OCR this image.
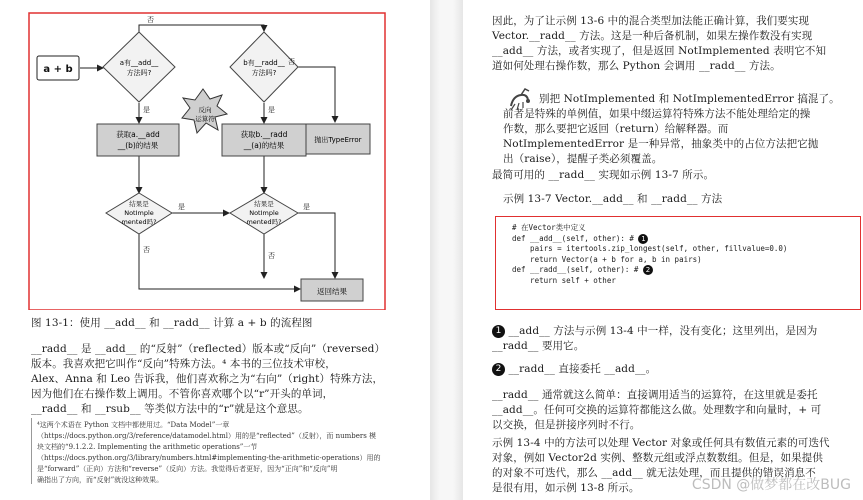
a + b
a有__add__
方法吗?
b有__radd__
方法吗?
获取a.__add
__(b)的结果
获取b.__radd
__(a)的结果
抛出TypeError
反向
运算符
结果是
NotImple
mented吗?
结果是
NotImple
mented吗?
返回结果
否
否
否
否
是	是
是	是
图 13-1：使用 __add__ 和 __radd__ 计算 a + b 的流程图
__radd__ 是 __add__ 的“反射”（reflected）版本或“反向”（reversed）
版本。我喜欢把它叫作“反向”特殊方法。⁴ 本书的三位技术审校，
Alex、Anna 和 Leo 告诉我，他们喜欢称之为“右向”（right）特殊方法，
因为他们在右操作数上调用。不管你喜欢哪个以“r”开头的单词，
__radd__ 和 __rsub__ 等类似方法中的“r”就是这个意思。
⁴这两个术语在 Python 文档中都使用过。“Data Model”一章
（https://docs.python.org/3/reference/datamodel.html）用的是“reflected”（反射），而 numbers 模
块文档的“9.1.2.2. Implementing the arithmetic operations”一节
（https://docs.python.org/3/library/numbers.html#implementing-the-arithmetic-operations）用的
是“forward”（正向）方法和“reverse”（反向）方法。我觉得后者更好，因为“正向”和“反向”明
确指出了方向，而“反射”就没这种效果。
因此，为了让示例 13-6 中的混合类型加法能正确计算，我们要实现
Vector.__radd__ 方法。这是一种后备机制，如果左操作数没有实现
__add__ 方法，或者实现了，但是返回 NotImplemented 表明它不知
道如何处理右操作数，那么 Python 会调用 __radd__ 方法。
别把 NotImplemented 和 NotImplementedError 搞混了。
前者是特殊的单例值，如果中缀运算符特殊方法不能处理给定的操
作数，那么要把它返回（return）给解释器。而
NotImplementedError 是一种异常，抽象类中的占位方法把它抛
出（raise），提醒子类必须覆盖。
最简可用的 __radd__ 实现如示例 13-7 所示。
示例 13-7 Vector.__add__ 和 __radd__ 方法
# 在Vector类中定义
def __add__(self, other): # 1
pairs = itertools.zip_longest(self, other, fillvalue=0.0)
return Vector(a + b for a, b in pairs)
def __radd__(self, other): # 2
return self + other
1 __add__ 方法与示例 13-4 中一样，没有变化；这里列出，是因为
__radd__ 要用它。
2 __radd__ 直接委托 __add__。
__radd__ 通常就这么简单：直接调用适当的运算符，在这里就是委托
__add__。任何可交换的运算符都能这么做。处理数字和向量时，+ 可
以交换，但是拼接序列时不行。
示例 13-4 中的方法可以处理 Vector 对象或任何具有数值元素的可迭代
对象，例如 Vector2d 实例、整数元组或浮点数数组。但是，如果提供
的对象不可迭代，那么 __add__ 就无法处理，而且提供的错误消息不
是很有用，如示例 13-8 所示。	CSDN @做梦都在改BUG
